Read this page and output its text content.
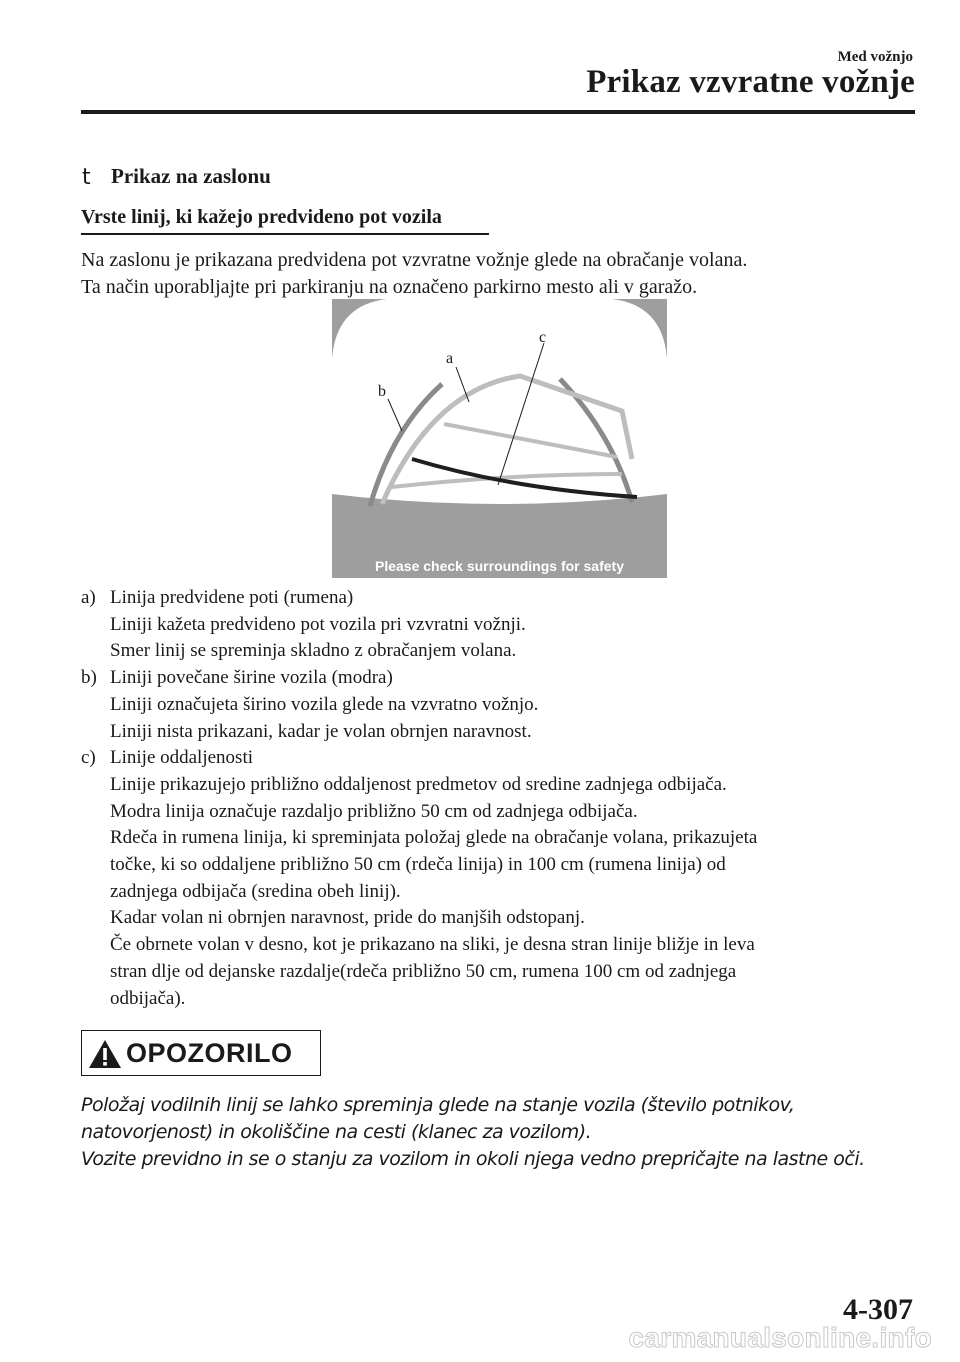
Med vožnjo
Prikaz vzvratne vožnje
t Prikaz na zaslonu
Vrste linij, ki kažejo predvideno pot vozila
Na zaslonu je prikazana predvidena pot vzvratne vožnje glede na obračanje volana.
Ta način uporabljajte pri parkiranju na označeno parkirno mesto ali v garažo.
a
b
c
Please check surroundings for safety
a) Linija predvidene poti (rumena)
Liniji kažeta predvideno pot vozila pri vzvratni vožnji.
Smer linij se spreminja skladno z obračanjem volana.
b) Liniji povečane širine vozila (modra)
Liniji označujeta širino vozila glede na vzvratno vožnjo.
Liniji nista prikazani, kadar je volan obrnjen naravnost.
c) Linije oddaljenosti
Linije prikazujejo približno oddaljenost predmetov od sredine zadnjega odbijača.
Modra linija označuje razdaljo približno 50 cm od zadnjega odbijača.
Rdeča in rumena linija, ki spreminjata položaj glede na obračanje volana, prikazujeta
točke, ki so oddaljene približno 50 cm (rdeča linija) in 100 cm (rumena linija) od
zadnjega odbijača (sredina obeh linij).
Kadar volan ni obrnjen naravnost, pride do manjših odstopanj.
Če obrnete volan v desno, kot je prikazano na sliki, je desna stran linije bližje in leva
stran dlje od dejanske razdalje(rdeča približno 50 cm, rumena 100 cm od zadnjega
odbijača).
OPOZORILO
Položaj vodilnih linij se lahko spreminja glede na stanje vozila (število potnikov,
natovorjenost) in okoliščine na cesti (klanec za vozilom).
Vozite previdno in se o stanju za vozilom in okoli njega vedno prepričajte na lastne oči.
4-307
carmanualsonline.info
